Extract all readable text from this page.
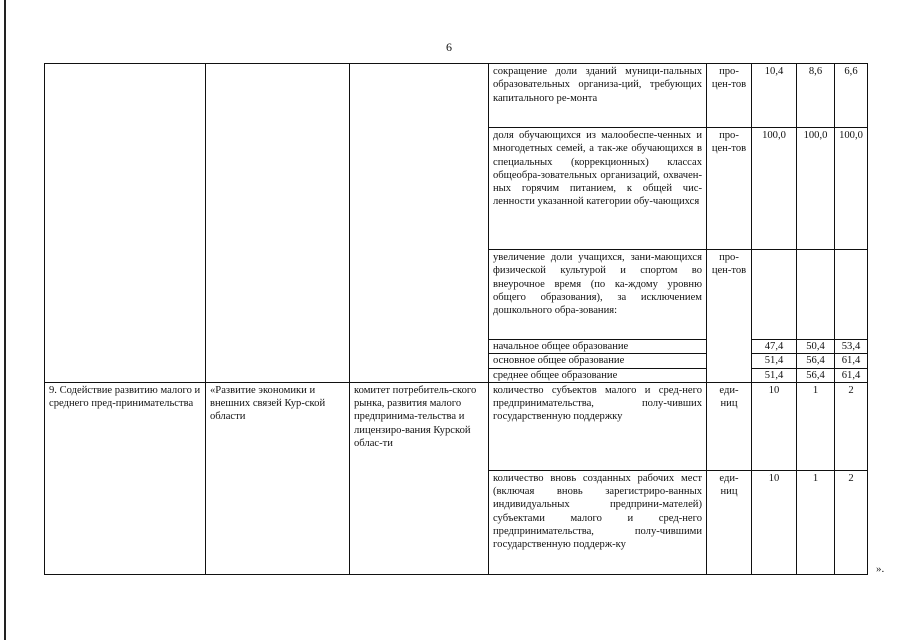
6
			сокращение доли зданий муници-пальных образовательных организа-ций, требующих капитального ре-монта	про-цен-тов	10,4	8,6	6,6
			доля обучающихся из малообеспе-ченных и многодетных семей, а так-же обучающихся в специальных (коррекционных) классах общеобра-зовательных организаций, охвачен-ных горячим питанием, к общей чис-ленности указанной категории обу-чающихся	про-цен-тов	100,0	100,0	100,0
			увеличение доли учащихся, зани-мающихся физической культурой и спортом во внеурочное время (по ка-ждому уровню общего образования), за исключением дошкольного обра-зования:	про-цен-тов			
			начальное общее образование		47,4	50,4	53,4
			основное общее образование		51,4	56,4	61,4
			среднее общее образование		51,4	56,4	61,4
9. Содействие развитию малого и среднего пред-принимательства	«Развитие экономики и внешних связей Кур-ской области	комитет потребитель-ского рынка, развития малого предпринима-тельства и лицензиро-вания Курской облас-ти	количество субъектов малого и сред-него предпринимательства, полу-чивших государственную поддержку	еди-ниц	10	1	2
			количество вновь созданных рабочих мест (включая вновь зарегистриро-ванных индивидуальных предприни-мателей) субъектами малого и сред-него предпринимательства, полу-чившими государственную поддерж-ку	еди-ниц	10	1	2
».
